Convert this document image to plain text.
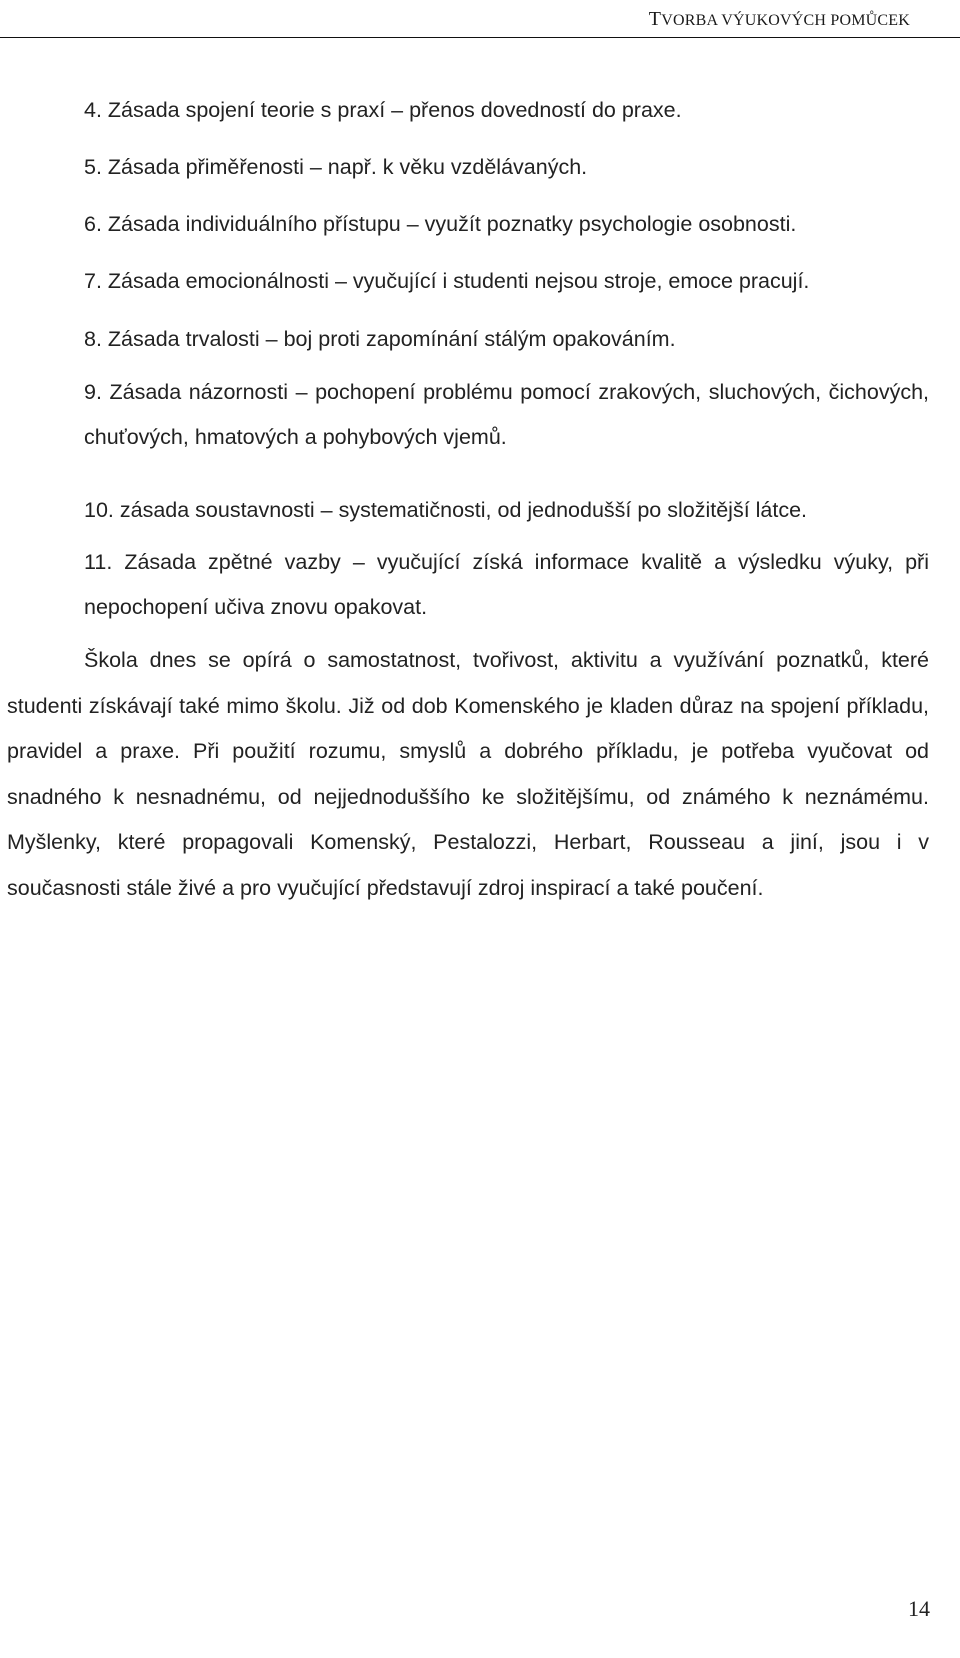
TVORBA VÝUKOVÝCH POMŮCEK
4. Zásada spojení teorie s praxí – přenos dovedností do praxe.
5. Zásada přiměřenosti – např. k věku vzdělávaných.
6. Zásada individuálního přístupu – využít poznatky psychologie osobnosti.
7. Zásada emocionálnosti – vyučující i studenti nejsou stroje, emoce pracují.
8. Zásada trvalosti – boj proti zapomínání stálým opakováním.
9. Zásada názornosti – pochopení problému pomocí zrakových, sluchových, čichových, chuťových, hmatových a pohybových vjemů.
10. zásada soustavnosti – systematičnosti, od jednodušší po složitější látce.
11. Zásada zpětné vazby – vyučující získá informace kvalitě a výsledku výuky, při nepochopení učiva znovu opakovat.
Škola dnes se opírá o samostatnost, tvořivost, aktivitu a využívání poznatků, které studenti získávají také mimo školu. Již od dob Komenského je kladen důraz na spojení příkladu, pravidel a praxe. Při použití rozumu, smyslů a dobrého příkladu, je potřeba vyučovat od snadného k nesnadnému, od nejjednoduššího ke složitějšímu, od známého k neznámému. Myšlenky, které propagovali Komenský, Pestalozzi, Herbart, Rousseau a jiní, jsou i v současnosti stále živé a pro vyučující představují zdroj inspirací a také poučení.
14
